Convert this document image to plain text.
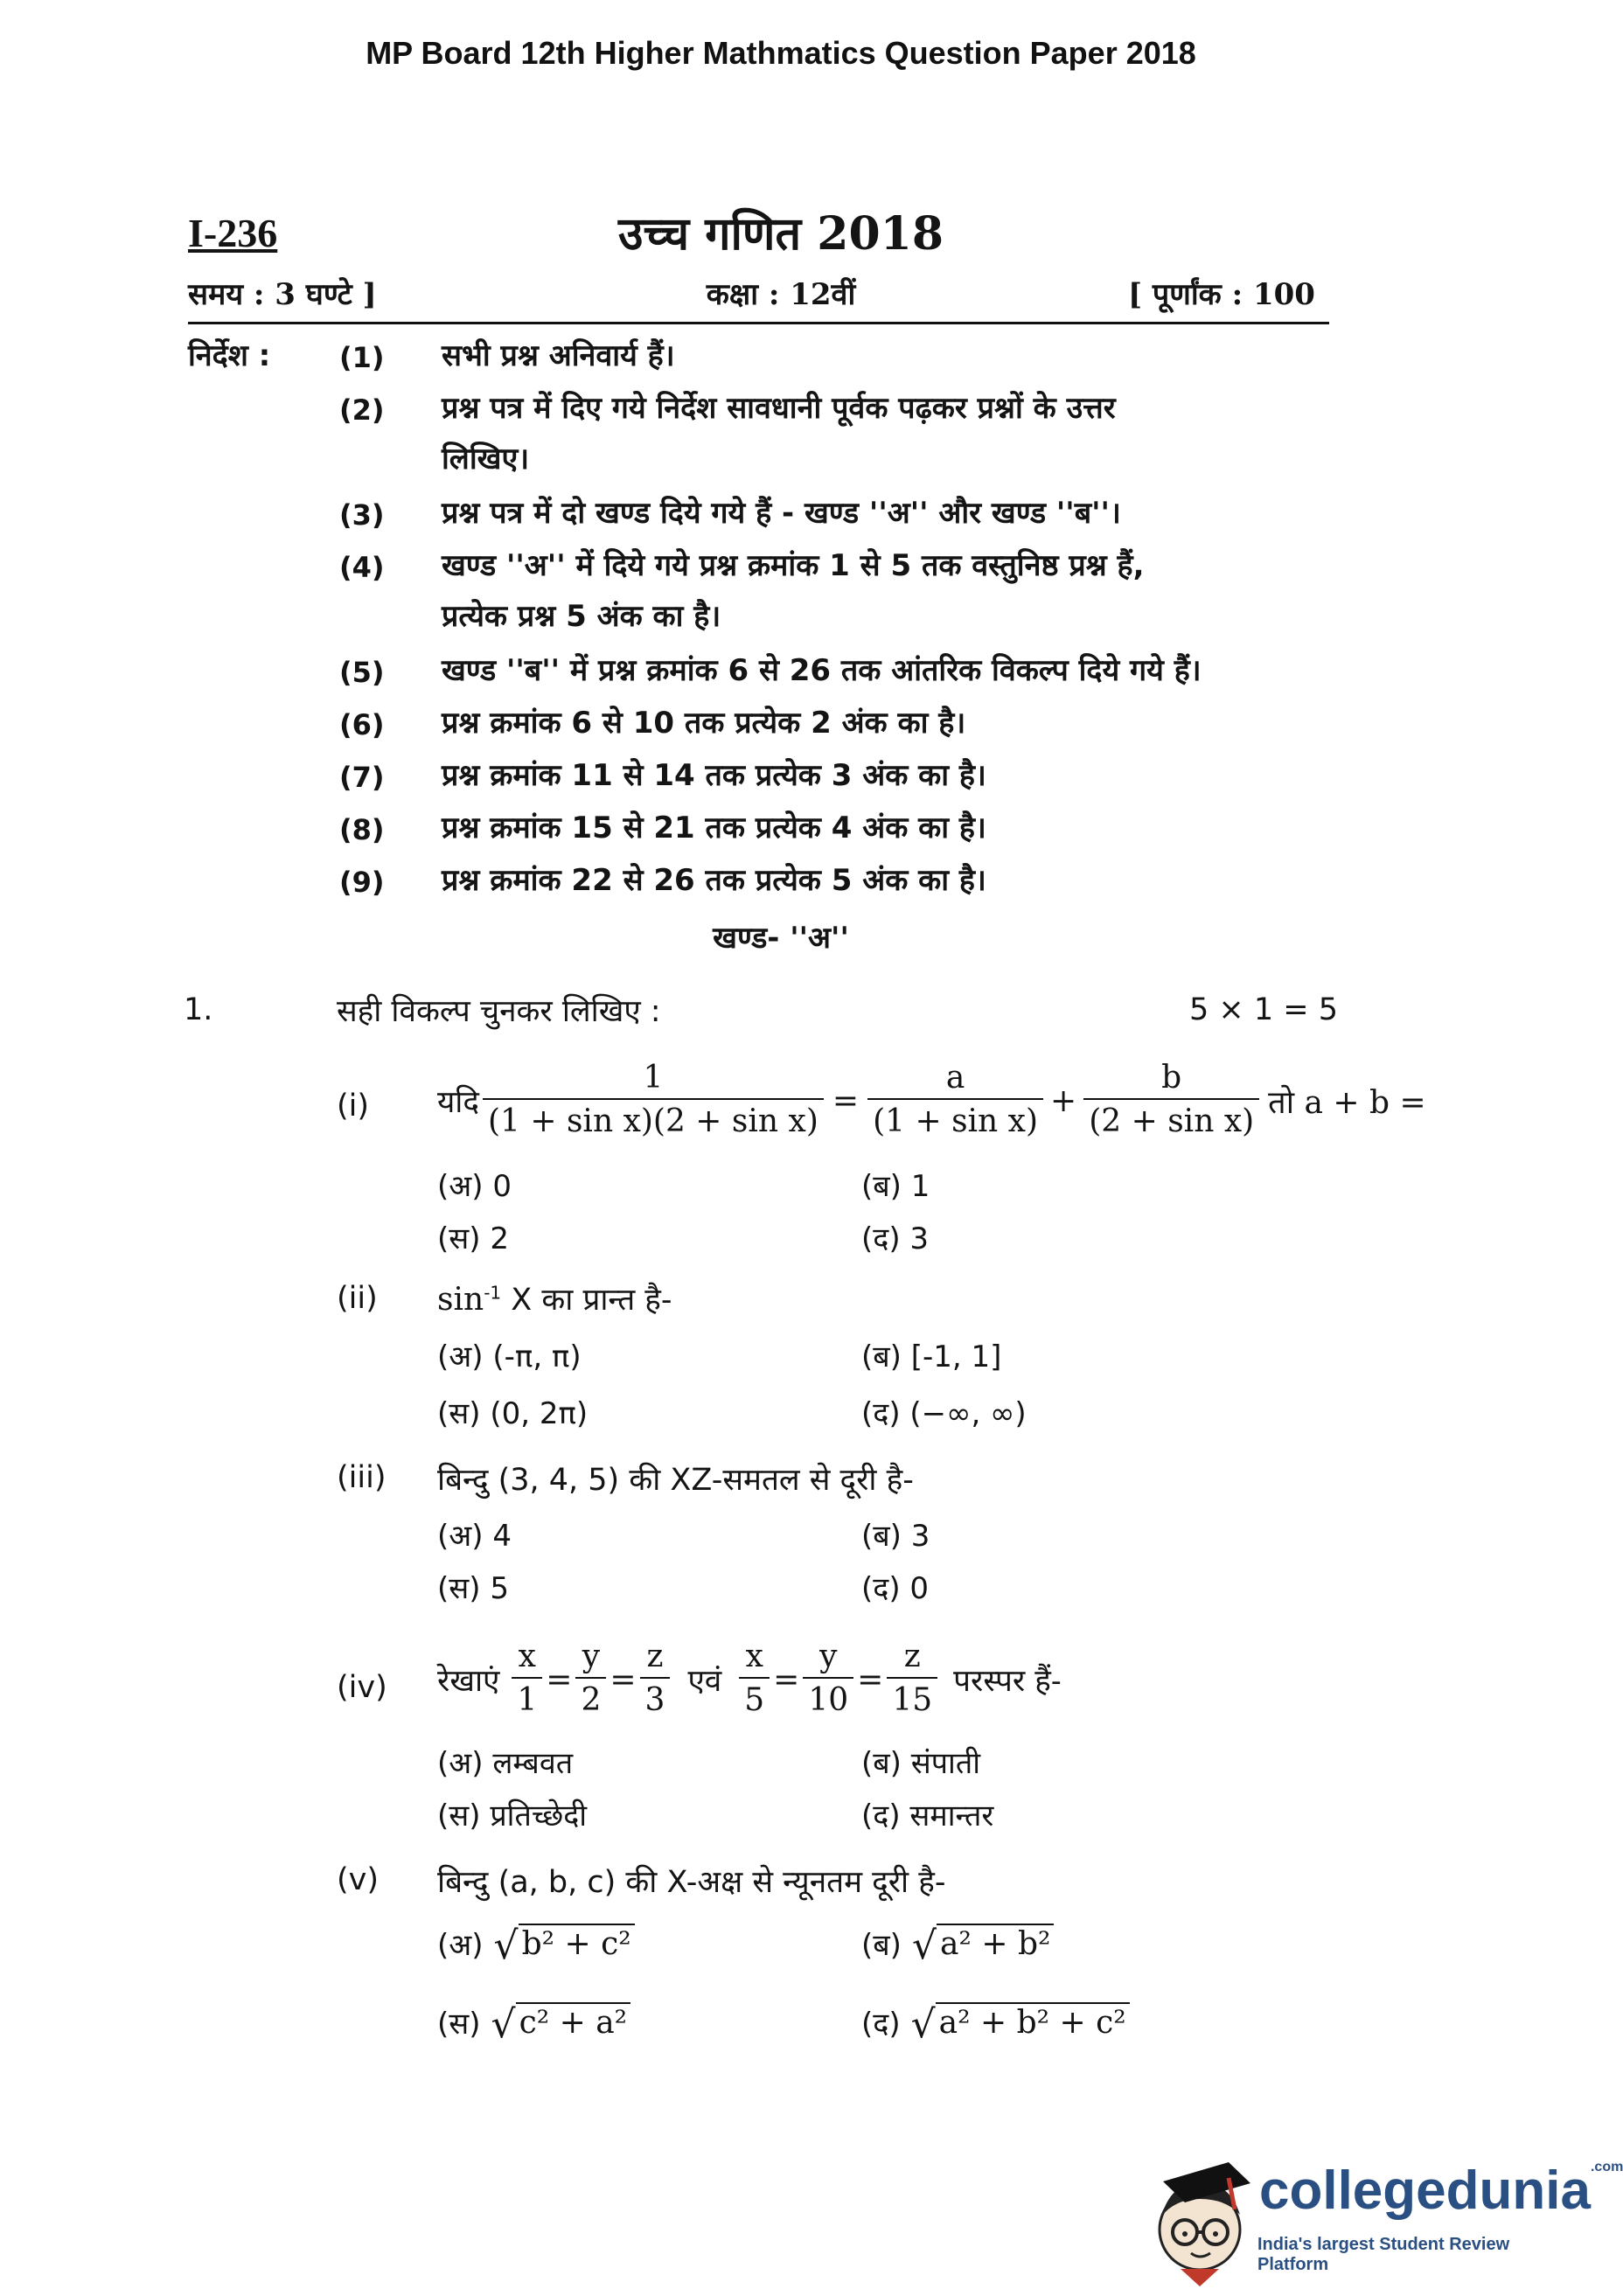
MP Board 12th Higher Mathmatics Question Paper 2018
I-236	उच्च गणित 2018
समय : 3 घण्टे ]	कक्षा : 12वीं	[ पूर्णांक : 100
निर्देश : (1) सभी प्रश्न अनिवार्य हैं।
(2) प्रश्न पत्र में दिए गये निर्देश सावधानी पूर्वक पढ़कर प्रश्नों के उत्तर
लिखिए।
(3) प्रश्न पत्र में दो खण्ड दिये गये हैं - खण्ड ''अ'' और खण्ड ''ब''।
(4) खण्ड ''अ'' में दिये गये प्रश्न क्रमांक 1 से 5 तक वस्तुनिष्ठ प्रश्न हैं,
प्रत्येक प्रश्न 5 अंक का है।
(5) खण्ड ''ब'' में प्रश्न क्रमांक 6 से 26 तक आंतरिक विकल्प दिये गये हैं।
(6) प्रश्न क्रमांक 6 से 10 तक प्रत्येक 2 अंक का है।
(7) प्रश्न क्रमांक 11 से 14 तक प्रत्येक 3 अंक का है।
(8) प्रश्न क्रमांक 15 से 21 तक प्रत्येक 4 अंक का है।
(9) प्रश्न क्रमांक 22 से 26 तक प्रत्येक 5 अंक का है।
खण्ड- ''अ''
1.	सही विकल्प चुनकर लिखिए :	5 × 1 = 5
(i) यदि $\frac{1}{\text{(1 + sin x)(2 + sin x)}} = \frac{a}{\text{(1 + sin x)}} + \frac{b}{\text{(2 + sin x)}}$ तो a + b =
(अ) 0	(ब) 1
(स) 2	(द) 3
(ii) $\sin^{-1} X$ का प्रान्त है-
(अ) (-π, π)	(ब) [-1, 1]
(स) (0, 2π)	(द) (−∞, ∞)
(iii) बिन्दु (3, 4, 5) की XZ-समतल से दूरी है-
(अ) 4	(ब) 3
(स) 5	(द) 0
(iv) रेखाएं $\frac{x}{1} = \frac{y}{2} = \frac{z}{3}$ एवं $\frac{x}{5} = \frac{y}{10} = \frac{z}{15}$ परस्पर हैं-
(अ) लम्बवत	(ब) संपाती
(स) प्रतिच्छेदी	(द) समान्तर
(v) बिन्दु (a, b, c) की X-अक्ष से न्यूनतम दूरी है-
(अ) √ b² + c²	(ब) √ a² + b²
(स) √ c² + a²	(द) √ a² + b² + c²
collegedunia$^{.com}$
India's largest Student Review Platform
